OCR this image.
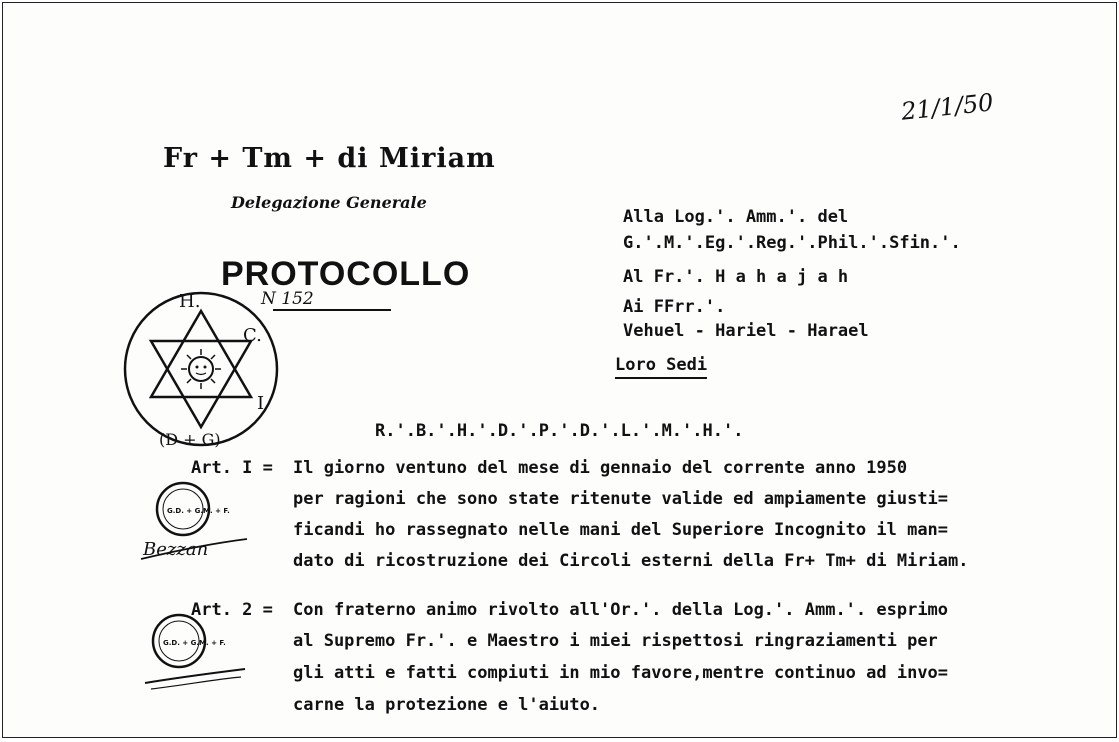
21/1/50
Fr + Tm + di Miriam
Delegazione Generale
PROTOCOLLO
N 152
H.
C.
I
(D + G)
Alla Log.'. Amm.'. del
G.'.M.'.Eg.'.Reg.'.Phil.'.Sfin.'.
Al Fr.'. H a h a j a h
Ai FFrr.'.
Vehuel - Hariel - Harael
Loro Sedi
R.'.B.'.H.'.D.'.P.'.D.'.L.'.M.'.H.'.
Art. I = Il giorno ventuno del mese di gennaio del corrente anno 1950
per ragioni che sono state ritenute valide ed ampiamente giusti=
ficandi ho rassegnato nelle mani del Superiore Incognito il man=
dato di ricostruzione dei Circoli esterni della Fr+ Tm+ di Miriam.
G.D. + G.M. + F.
Bezzan
Art. 2 = Con fraterno animo rivolto all'Or.'. della Log.'. Amm.'. esprimo
al Supremo Fr.'. e Maestro i miei rispettosi ringraziamenti per
gli atti e fatti compiuti in mio favore,mentre continuo ad invo=
carne la protezione e l'aiuto.
G.D. + G.M. + F.
